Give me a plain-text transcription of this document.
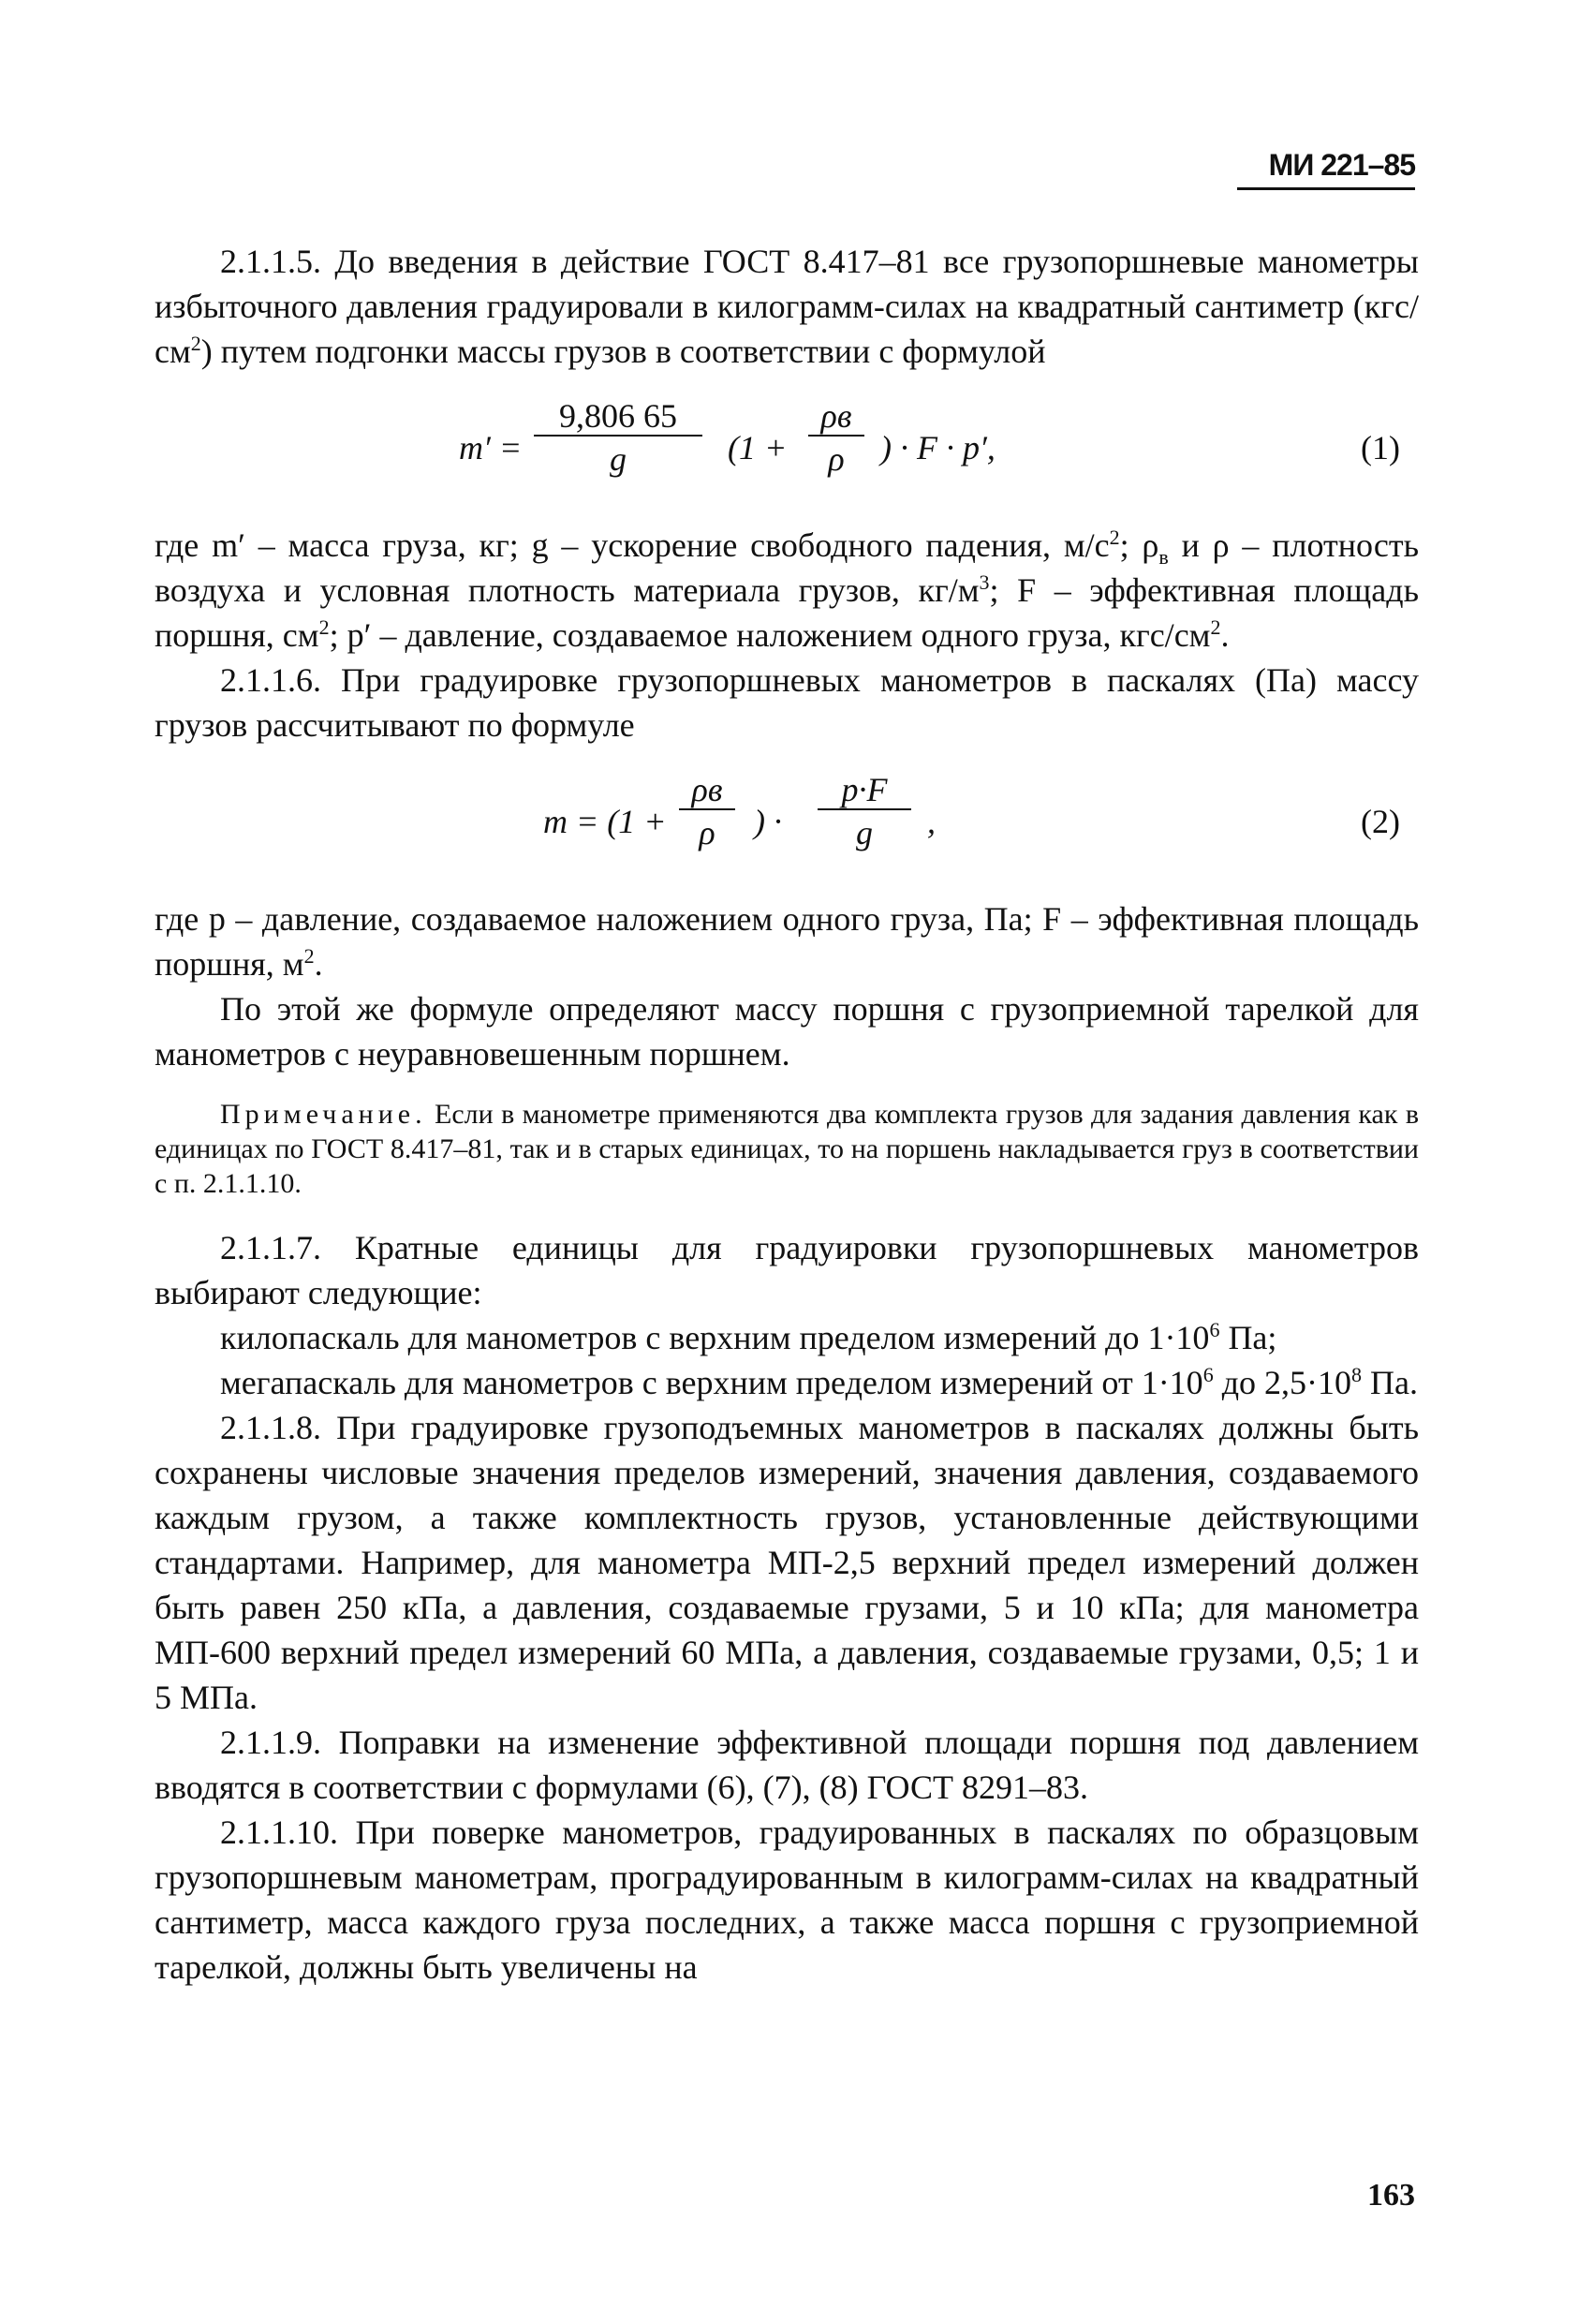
МИ 221–85

2.1.1.5. До введения в действие ГОСТ 8.417–81 все грузопоршневые манометры избыточного давления градуировали в килограмм-силах на квадратный сантиметр $(кгс/см^2)$ путем подгонки массы грузов в соответствии с формулой

$m' = \frac{9,806 65}{g} (1$ +
ρв
ρ	) · F · p′,	(1)

где m′ – масса груза, кг; g – ускорение свободного падения, $м/с^2$; $\rho_в$ и ρ – плотность воздуха и условная плотность материала грузов, $кг/м^3$; F – эффективная площадь поршня, $см^2$; p′ – давление, создаваемое наложением одного груза, кгс/$см^2$.

2.1.1.6. При градуировке грузопоршневых манометров в паскалях (Па) массу грузов рассчитывают по формуле

m = (1 +
ρв
ρ	) · $\frac{p\cdot F}{g}$ ,	(2)

где p – давление, создаваемое наложением одного груза, Па; F – эффективная площадь поршня, $м^2$.

По этой же формуле определяют массу поршня с грузоприемной тарелкой для манометров с неуравновешенным поршнем.

Примечание. Если в манометре применяются два комплекта грузов для задания давления как в единицах по ГОСТ 8.417–81, так и в старых единицах, то на поршень накладывается груз в соответствии с п. 2.1.1.10.

2.1.1.7. Кратные единицы для градуировки грузопоршневых манометров выбирают следующие:

килопаскаль для манометров с верхним пределом измерений до $1\cdot 10^6$ Па;

мегапаскаль для манометров с верхним пределом измерений от $1\cdot 10^6$ до $2,5\cdot 10^8$ Па.

2.1.1.8. При градуировке грузоподъемных манометров в паскалях должны быть сохранены числовые значения пределов измерений, значения давления, создаваемого каждым грузом, а также комплектность грузов, установленные действующими стандартами. Например, для манометра МП-2,5 верхний предел измерений должен быть равен 250 кПа, а давления, создаваемые грузами, 5 и 10 кПа; для манометра МП-600 верхний предел измерений 60 МПа, а давления, создаваемые грузами, 0,5; 1 и 5 МПа.

2.1.1.9. Поправки на изменение эффективной площади поршня под давлением вводятся в соответствии с формулами (6), (7), (8) ГОСТ 8291–83.

2.1.1.10. При поверке манометров, градуированных в паскалях по образцовым грузопоршневым манометрам, проградуированным в килограмм-силах на квадратный сантиметр, масса каждого груза последних, а также масса поршня с грузоприемной тарелкой, должны быть увеличены на

163
